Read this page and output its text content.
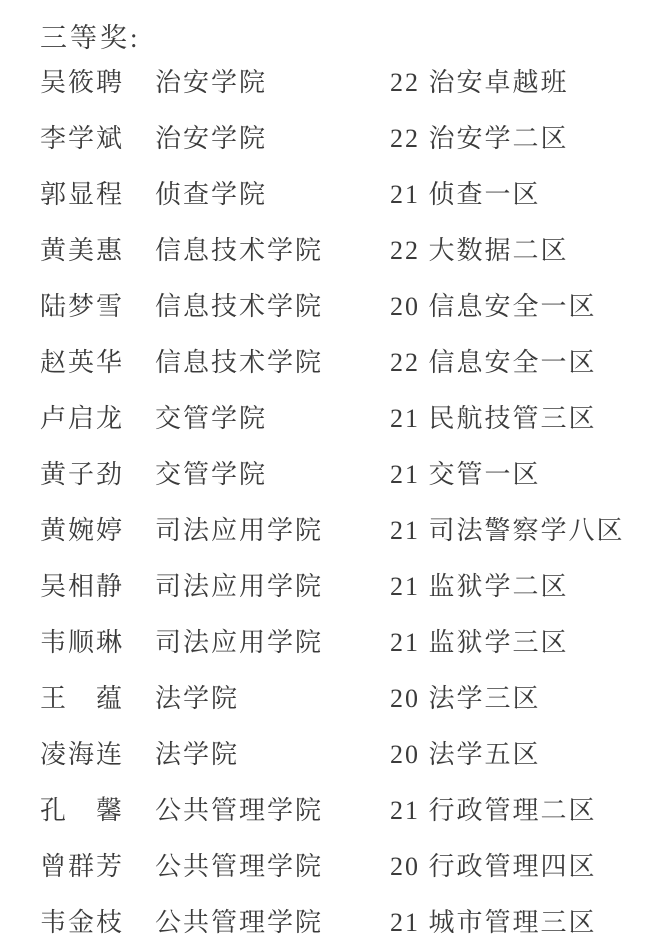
三等奖:
吴筱聘	治安学院	22 治安卓越班
李学斌	治安学院	22 治安学二区
郭显程	侦查学院	21 侦查一区
黄美惠	信息技术学院	22 大数据二区
陆梦雪	信息技术学院	20 信息安全一区
赵英华	信息技术学院	22 信息安全一区
卢启龙	交管学院	21 民航技管三区
黄子劲	交管学院	21 交管一区
黄婉婷	司法应用学院	21 司法警察学八区
吴相静	司法应用学院	21 监狱学二区
韦顺琳	司法应用学院	21 监狱学三区
王　蕴	法学院	20 法学三区
凌海连	法学院	20 法学五区
孔　馨	公共管理学院	21 行政管理二区
曾群芳	公共管理学院	20 行政管理四区
韦金枝	公共管理学院	21 城市管理三区
